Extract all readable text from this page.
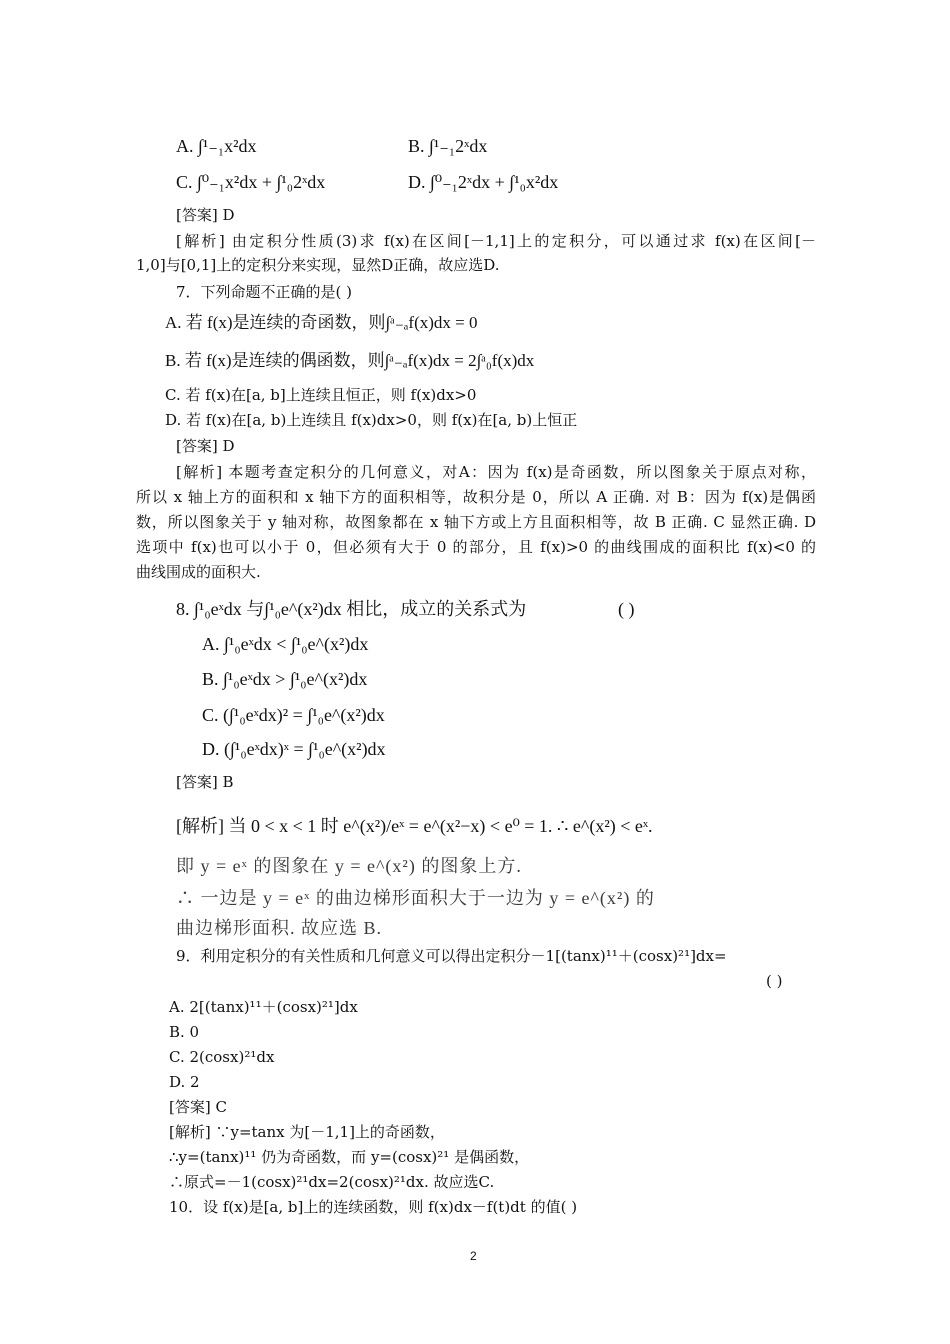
A. ∫¹₋₁x²dx	B. ∫¹₋₁2ˣdx
C. ∫⁰₋₁x²dx + ∫¹₀2ˣdx	D. ∫⁰₋₁2ˣdx + ∫¹₀x²dx
[答案] D
[解析] 由定积分性质(3)求 f(x)在区间[－1,1]上的定积分，可以通过求 f(x)在区间[－
1,0]与[0,1]上的定积分来实现，显然D正确，故应选D.
7．下列命题不正确的是( )
A. 若 f(x)是连续的奇函数，则∫ᵃ₋ₐf(x)dx = 0
B. 若 f(x)是连续的偶函数，则∫ᵃ₋ₐf(x)dx = 2∫ᵃ₀f(x)dx
C. 若 f(x)在[a, b]上连续且恒正，则 f(x)dx>0
D. 若 f(x)在[a, b)上连续且 f(x)dx>0，则 f(x)在[a, b)上恒正
[答案] D
[解析] 本题考查定积分的几何意义，对A：因为 f(x)是奇函数，所以图象关于原点对称，
所以 x 轴上方的面积和 x 轴下方的面积相等，故积分是 0，所以 A 正确. 对 B：因为 f(x)是偶函
数，所以图象关于 y 轴对称，故图象都在 x 轴下方或上方且面积相等，故 B 正确. C 显然正确. D
选项中 f(x)也可以小于 0，但必须有大于 0 的部分，且 f(x)>0 的曲线围成的面积比 f(x)<0 的
曲线围成的面积大.
8. ∫¹₀eˣdx 与∫¹₀e^(x²)dx 相比，成立的关系式为	( )
A. ∫¹₀eˣdx < ∫¹₀e^(x²)dx
B. ∫¹₀eˣdx > ∫¹₀e^(x²)dx
C. (∫¹₀eˣdx)² = ∫¹₀e^(x²)dx
D. (∫¹₀eˣdx)ˣ = ∫¹₀e^(x²)dx
[答案] B
[解析] 当 0 < x < 1 时 e^(x²)/eˣ = e^(x²−x) < e⁰ = 1. ∴ e^(x²) < eˣ.
即 y = eˣ 的图象在 y = e^(x²) 的图象上方.
∴ 一边是 y = eˣ 的曲边梯形面积大于一边为 y = e^(x²) 的
曲边梯形面积. 故应选 B.
9．利用定积分的有关性质和几何意义可以得出定积分－1[(tanx)¹¹＋(cosx)²¹]dx=
( )
A. 2[(tanx)¹¹＋(cosx)²¹]dx
B. 0
C. 2(cosx)²¹dx
D. 2
[答案] C
[解析] ∵y=tanx 为[－1,1]上的奇函数，
∴y=(tanx)¹¹ 仍为奇函数，而 y=(cosx)²¹ 是偶函数，
∴原式=－1(cosx)²¹dx=2(cosx)²¹dx. 故应选C.
10．设 f(x)是[a, b]上的连续函数，则 f(x)dx－f(t)dt 的值( )
2
